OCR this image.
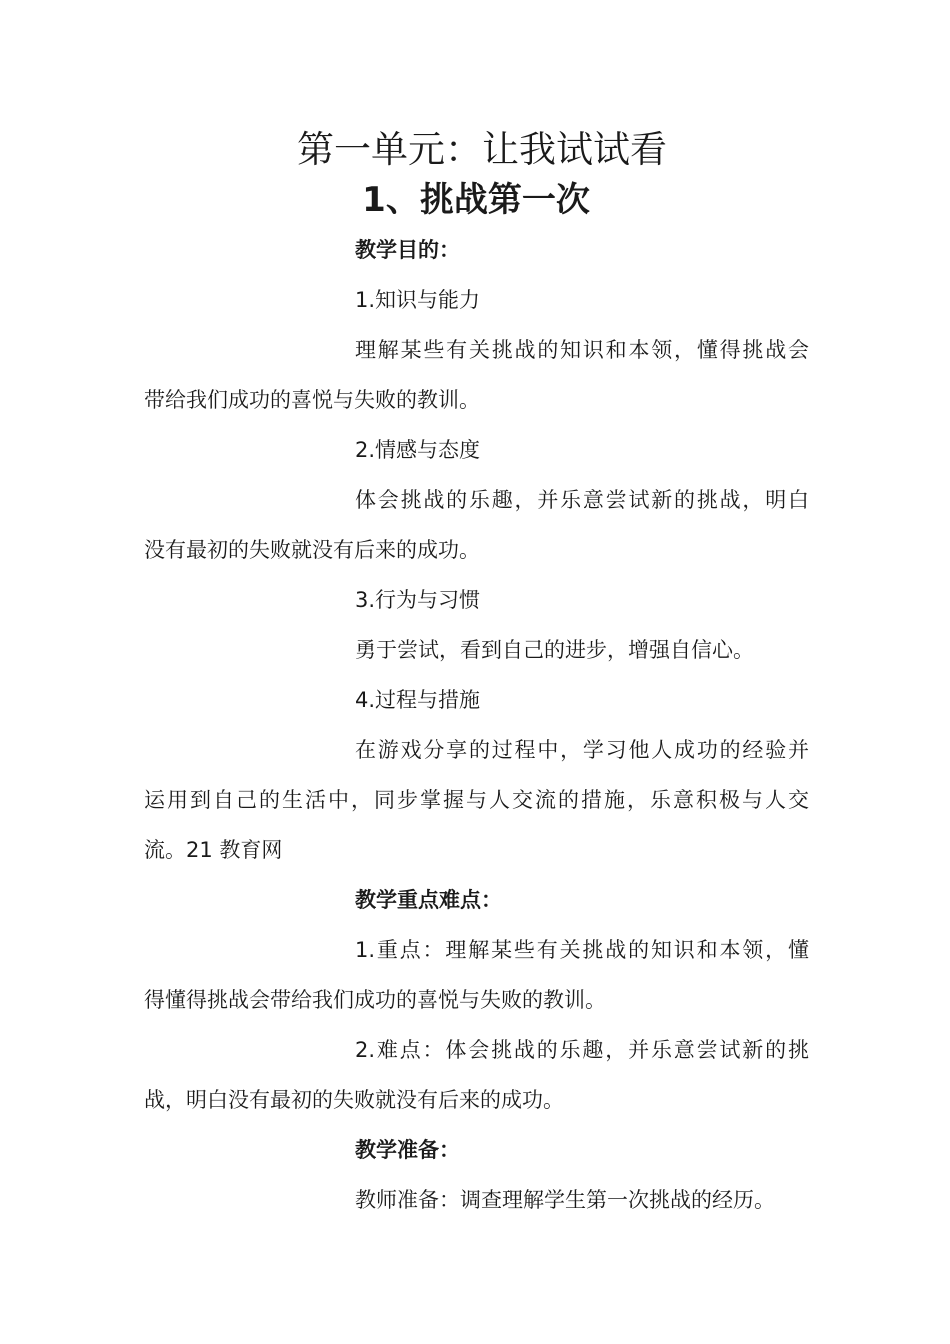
第一单元：让我试试看
1、挑战第一次

教学目的：

1.知识与能力

理解某些有关挑战的知识和本领，懂得挑战会

带给我们成功的喜悦与失败的教训。

2.情感与态度

体会挑战的乐趣，并乐意尝试新的挑战，明白

没有最初的失败就没有后来的成功。

3.行为与习惯

勇于尝试，看到自己的进步，增强自信心。

4.过程与措施

在游戏分享的过程中，学习他人成功的经验并

运用到自己的生活中，同步掌握与人交流的措施，乐意积极与人交

流。21 教育网

教学重点难点：

1.重点：理解某些有关挑战的知识和本领，懂

得懂得挑战会带给我们成功的喜悦与失败的教训。

2.难点：体会挑战的乐趣，并乐意尝试新的挑

战，明白没有最初的失败就没有后来的成功。

教学准备：

教师准备：调查理解学生第一次挑战的经历。
